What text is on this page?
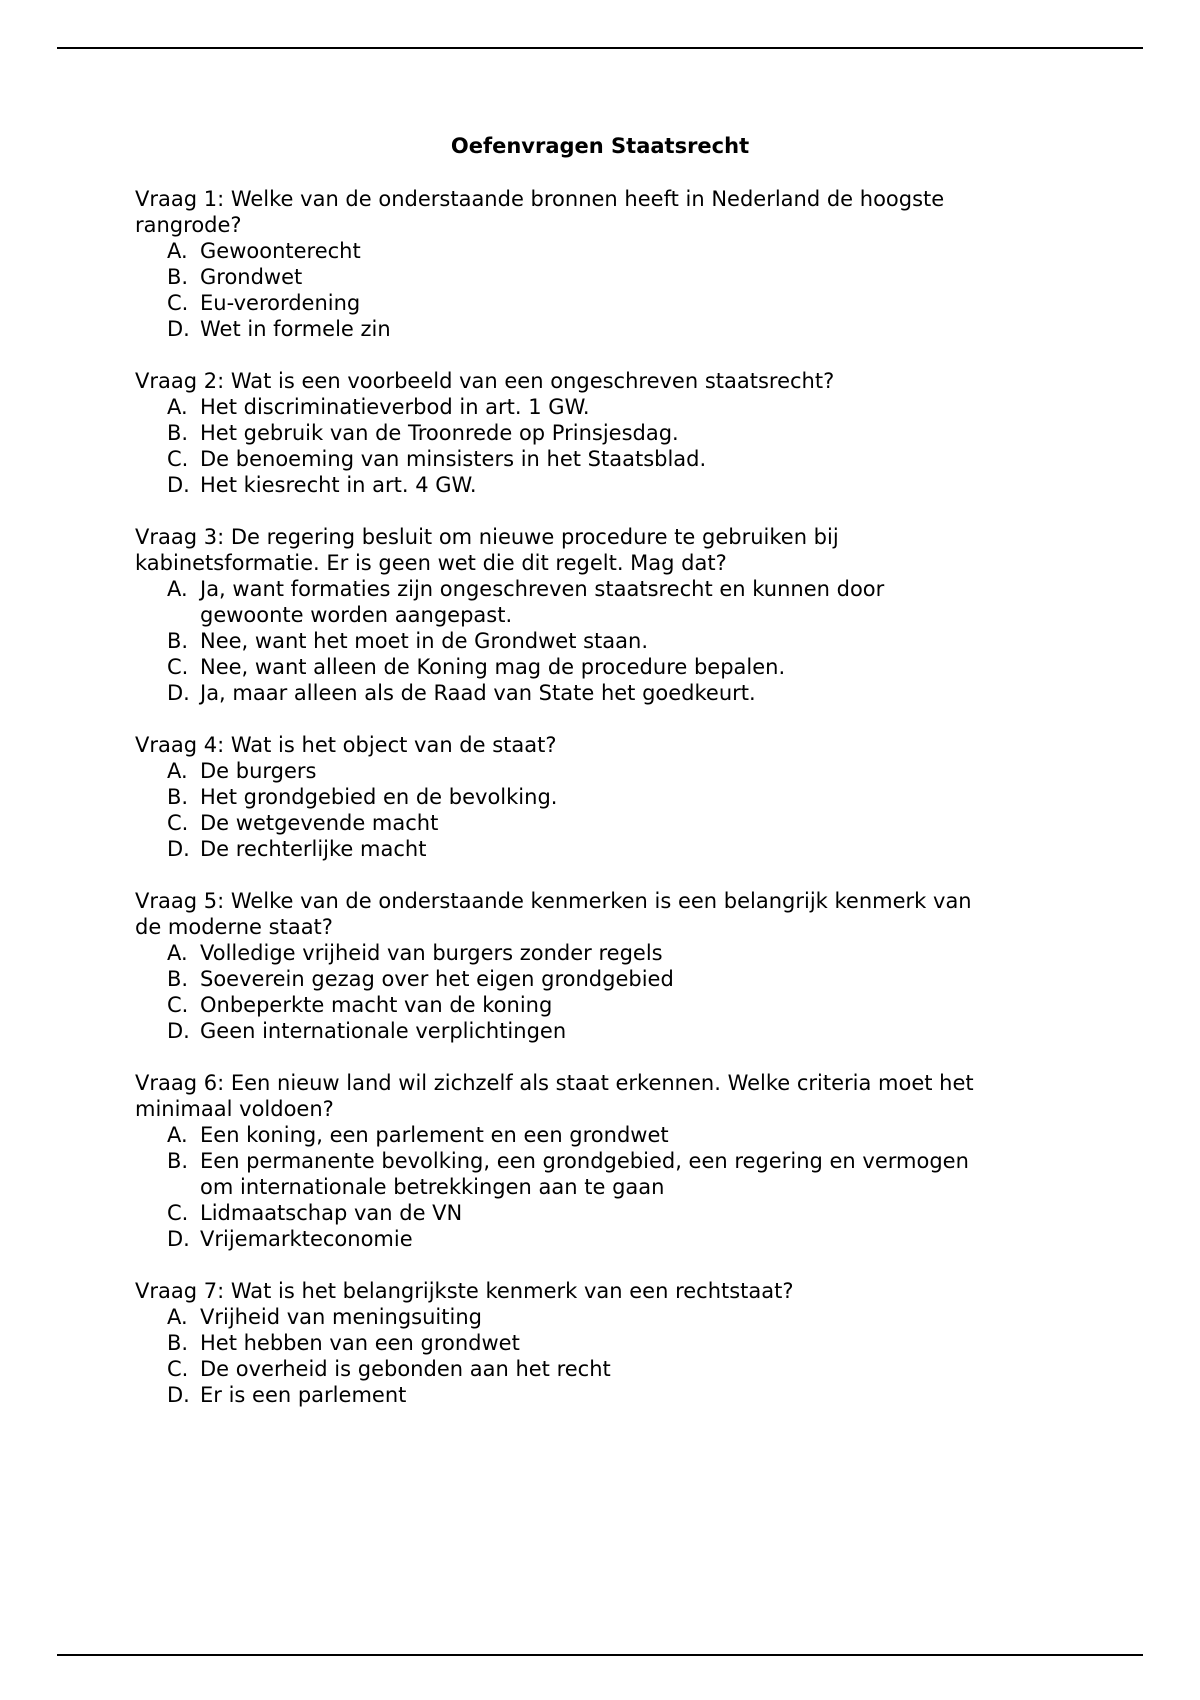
Oefenvragen Staatsrecht

Vraag 1: Welke van de onderstaande bronnen heeft in Nederland de hoogste rangrode?

A. Gewoonterecht
B. Grondwet
C. Eu-verordening
D. Wet in formele zin

Vraag 2: Wat is een voorbeeld van een ongeschreven staatsrecht?

A. Het discriminatieverbod in art. 1 GW.
B. Het gebruik van de Troonrede op Prinsjesdag.
C. De benoeming van minsisters in het Staatsblad.
D. Het kiesrecht in art. 4 GW.

Vraag 3: De regering besluit om nieuwe procedure te gebruiken bij kabinetsformatie. Er is geen wet die dit regelt. Mag dat?

A. Ja, want formaties zijn ongeschreven staatsrecht en kunnen door gewoonte worden aangepast.
B. Nee, want het moet in de Grondwet staan.
C. Nee, want alleen de Koning mag de procedure bepalen.
D. Ja, maar alleen als de Raad van State het goedkeurt.

Vraag 4: Wat is het object van de staat?

A. De burgers
B. Het grondgebied en de bevolking.
C. De wetgevende macht
D. De rechterlijke macht

Vraag 5: Welke van de onderstaande kenmerken is een belangrijk kenmerk van de moderne staat?

A. Volledige vrijheid van burgers zonder regels
B. Soeverein gezag over het eigen grondgebied
C. Onbeperkte macht van de koning
D. Geen internationale verplichtingen

Vraag 6: Een nieuw land wil zichzelf als staat erkennen. Welke criteria moet het minimaal voldoen?

A. Een koning, een parlement en een grondwet
B. Een permanente bevolking, een grondgebied, een regering en vermogen om internationale betrekkingen aan te gaan
C. Lidmaatschap van de VN
D. Vrijemarkteconomie

Vraag 7: Wat is het belangrijkste kenmerk van een rechtstaat?

A. Vrijheid van meningsuiting
B. Het hebben van een grondwet
C. De overheid is gebonden aan het recht
D. Er is een parlement
